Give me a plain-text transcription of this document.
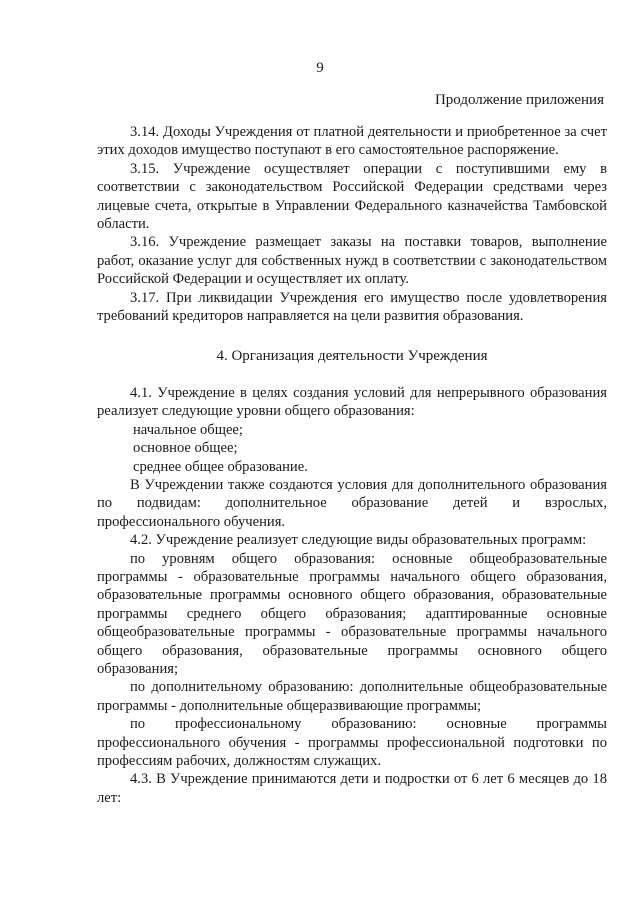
9
Продолжение приложения

3.14. Доходы Учреждения от платной деятельности и приобретенное за счет этих доходов имущество поступают в его самостоятельное распоряжение.

3.15. Учреждение осуществляет операции с поступившими ему в соответствии с законодательством Российской Федерации средствами через лицевые счета, открытые в Управлении Федерального казначейства Тамбовской области.

3.16. Учреждение размещает заказы на поставки товаров, выполнение работ, оказание услуг для собственных нужд в соответствии с законодательством Российской Федерации и осуществляет их оплату.

3.17. При ликвидации Учреждения его имущество после удовлетворения требований кредиторов направляется на цели развития образования.

4. Организация деятельности Учреждения

4.1. Учреждение в целях создания условий для непрерывного образования реализует следующие уровни общего образования:

начальное общее;

основное общее;

среднее общее образование.

В Учреждении также создаются условия для дополнительного образования по подвидам: дополнительное образование детей и взрослых, профессионального обучения.

4.2. Учреждение реализует следующие виды образовательных программ:

по уровням общего образования: основные общеобразовательные программы - образовательные программы начального общего образования, образовательные программы основного общего образования, образовательные программы среднего общего образования; адаптированные основные общеобразовательные программы - образовательные программы начального общего образования, образовательные программы основного общего образования;

по дополнительному образованию: дополнительные общеобразовательные программы - дополнительные общеразвивающие программы;

по профессиональному образованию: основные программы профессионального обучения - программы профессиональной подготовки по профессиям рабочих, должностям служащих.

4.3. В Учреждение принимаются дети и подростки от 6 лет 6 месяцев до 18 лет:
